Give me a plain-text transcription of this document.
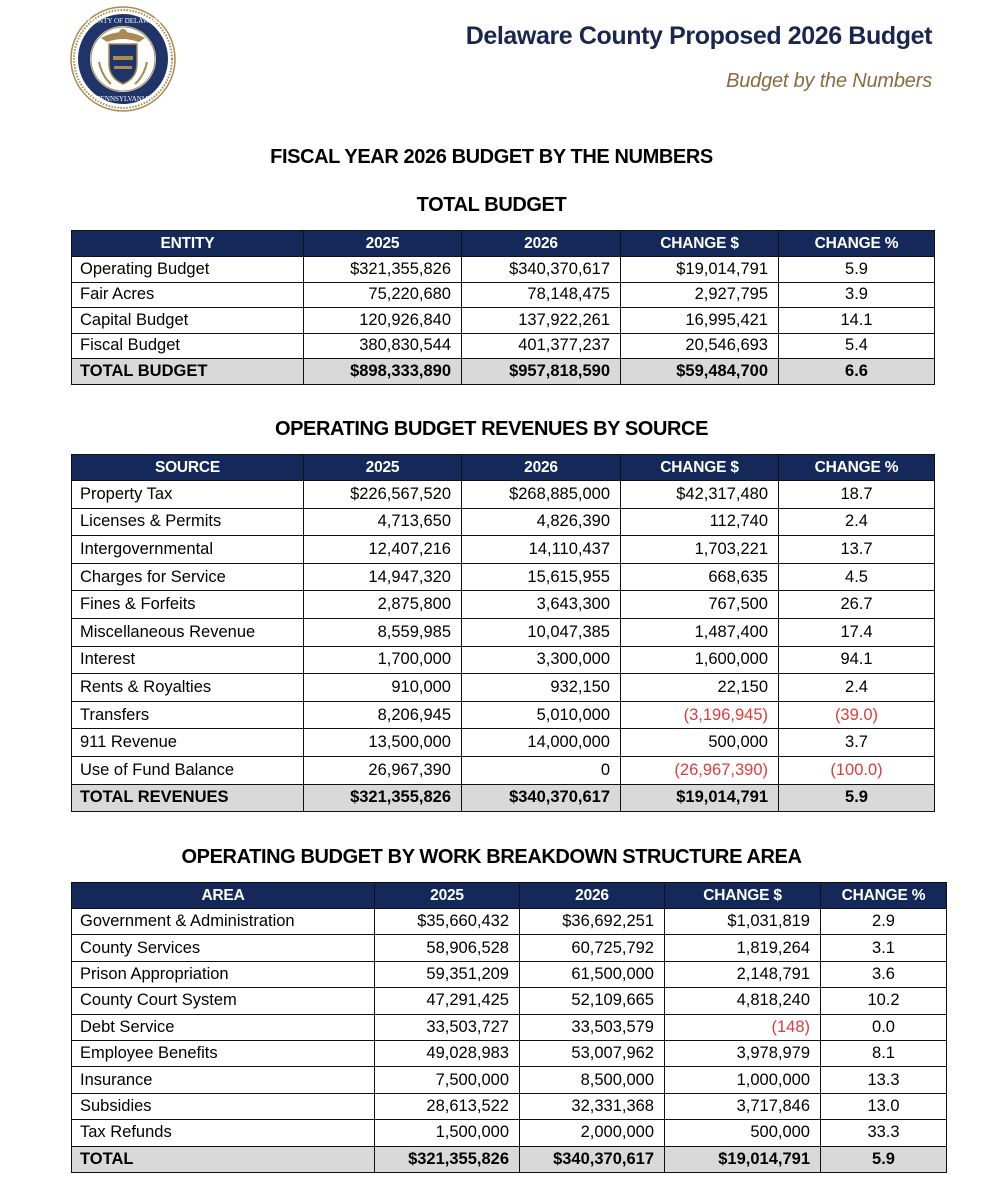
COUNTY OF DELAWARE
PENNSYLVANIA
Delaware County Proposed 2026 Budget
Budget by the Numbers
FISCAL YEAR 2026 BUDGET BY THE NUMBERS
TOTAL BUDGET
ENTITY	2025	2026	CHANGE $	CHANGE %
Operating Budget	$321,355,826	$340,370,617	$19,014,791	5.9
Fair Acres	75,220,680	78,148,475	2,927,795	3.9
Capital Budget	120,926,840	137,922,261	16,995,421	14.1
Fiscal Budget	380,830,544	401,377,237	20,546,693	5.4
TOTAL BUDGET	$898,333,890	$957,818,590	$59,484,700	6.6
OPERATING BUDGET REVENUES BY SOURCE
SOURCE	2025	2026	CHANGE $	CHANGE %
Property Tax	$226,567,520	$268,885,000	$42,317,480	18.7
Licenses & Permits	4,713,650	4,826,390	112,740	2.4
Intergovernmental	12,407,216	14,110,437	1,703,221	13.7
Charges for Service	14,947,320	15,615,955	668,635	4.5
Fines & Forfeits	2,875,800	3,643,300	767,500	26.7
Miscellaneous Revenue	8,559,985	10,047,385	1,487,400	17.4
Interest	1,700,000	3,300,000	1,600,000	94.1
Rents & Royalties	910,000	932,150	22,150	2.4
Transfers	8,206,945	5,010,000	(3,196,945)	(39.0)
911 Revenue	13,500,000	14,000,000	500,000	3.7
Use of Fund Balance	26,967,390	0	(26,967,390)	(100.0)
TOTAL REVENUES	$321,355,826	$340,370,617	$19,014,791	5.9
OPERATING BUDGET BY WORK BREAKDOWN STRUCTURE AREA
AREA	2025	2026	CHANGE $	CHANGE %
Government & Administration	$35,660,432	$36,692,251	$1,031,819	2.9
County Services	58,906,528	60,725,792	1,819,264	3.1
Prison Appropriation	59,351,209	61,500,000	2,148,791	3.6
County Court System	47,291,425	52,109,665	4,818,240	10.2
Debt Service	33,503,727	33,503,579	(148)	0.0
Employee Benefits	49,028,983	53,007,962	3,978,979	8.1
Insurance	7,500,000	8,500,000	1,000,000	13.3
Subsidies	28,613,522	32,331,368	3,717,846	13.0
Tax Refunds	1,500,000	2,000,000	500,000	33.3
TOTAL	$321,355,826	$340,370,617	$19,014,791	5.9
